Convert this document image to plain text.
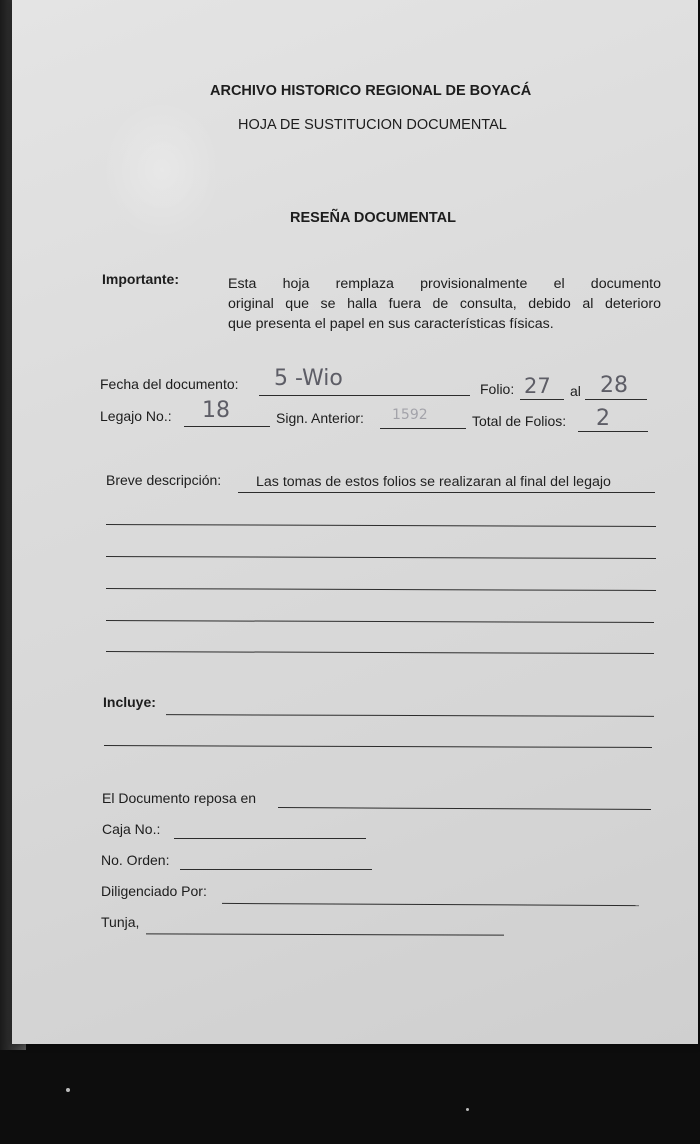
ARCHIVO HISTORICO REGIONAL DE BOYACÁ
HOJA DE SUSTITUCION DOCUMENTAL
RESEÑA DOCUMENTAL
Importante:	Esta hoja remplaza provisionalmente el documento
original que se halla fuera de consulta, debido al deterioro
que presenta el papel en sus características físicas.
Fecha del documento: 5 -Wio	Folio: 27 al 28
Legajo No.: 18	Sign. Anterior: 1592	Total de Folios: 2
Breve descripción: Las tomas de estos folios se realizaran al final del legajo
Incluye:
El Documento reposa en
Caja No.:
No. Orden:
Diligenciado Por:
Tunja,
